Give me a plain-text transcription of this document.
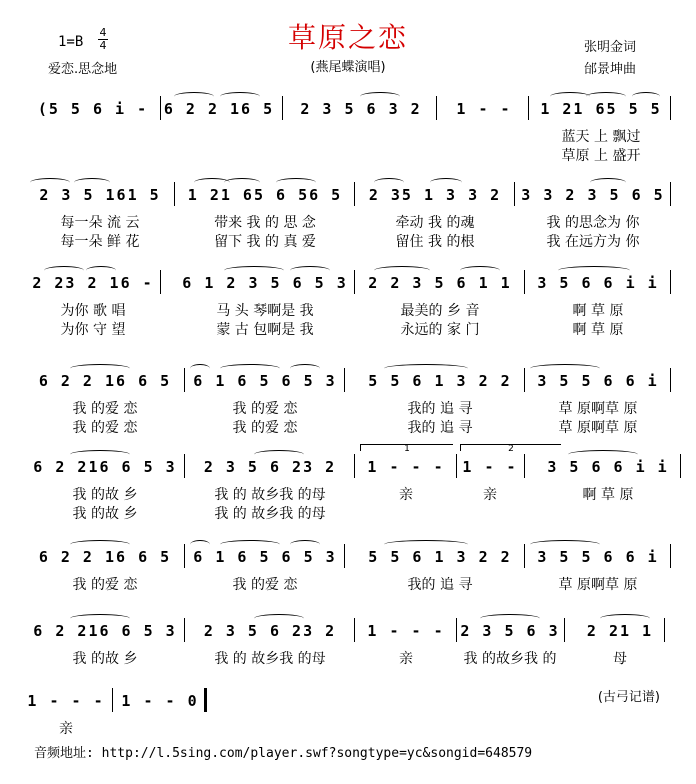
草原之恋
(燕尾蝶演唱)
1=B
4
4
爱恋.思念地
张明金词
邰景坤曲
(5 5 6 i -	6 2 2 16 5	2 3 5 6 3 2	1 - -	1 21 65 5 5
蓝天 上 飘过
草原 上 盛开
2 3 5 161 5	1 21 65 6 56 5	2 35 1 3 3 2	3 3 2 3 5 6 5
每一朵 流 云
每一朵 鲜 花
带来 我 的 思 念
留下 我 的 真 爱
牵动 我 的魂
留住 我 的根
我 的思念为 你
我 在远方为 你
2 23 2 16 - 6 1 2 3 5 6 5 3	2 2 3 5 6 1 1	3 5 6 6 i i
为你 歌 唱
为你 守 望
马 头 琴啊是 我
蒙 古 包啊是 我
最美的 乡 音
永远的 家 门
啊 草 原
啊 草 原
6 2 2 16 6 5	6 1 6 5 6 5 3	5 5 6 1 3 2 2	3 5 5 6 6 i
我 的爱 恋
我 的爱 恋
我 的爱 恋
我 的爱 恋
我的 追 寻
我的 追 寻
草 原啊草 原
草 原啊草 原
6 2 216 6 5 3	2 3 5 6 23 2	1 - - -	1 - -	3 5 6 6 i i
1	2
我 的故 乡
我 的故 乡
我 的 故乡我 的母
我 的 故乡我 的母
亲	亲	啊 草 原
6 2 2 16 6 5	6 1 6 5 6 5 3	5 5 6 1 3 2 2	3 5 5 6 6 i
我 的爱 恋	我 的爱 恋	我的 追 寻	草 原啊草 原
6 2 216 6 5 3	2 3 5 6 23 2	1 - - -	2 3 5 6 3	2 21 1
我 的故 乡	我 的 故乡我 的母	亲	我 的故乡我 的	母
1 - - - 1 - - 0
亲
(古弓记谱)
音频地址: http://l.5sing.com/player.swf?songtype=yc&songid=648579
